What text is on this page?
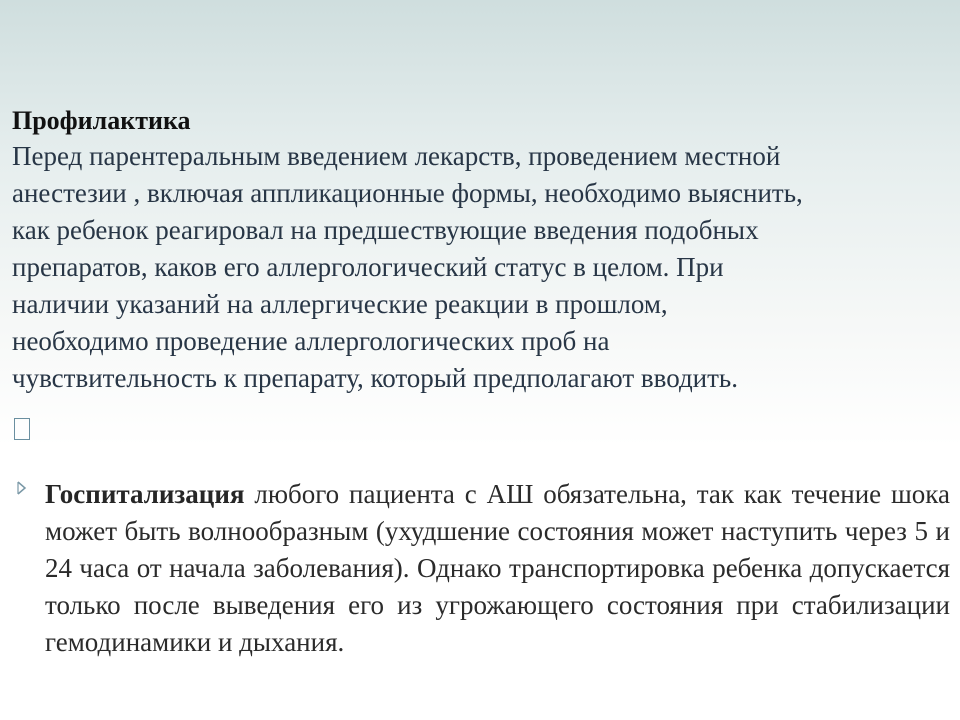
Профилактика

Перед парентеральным введением лекарств, проведением местной
анестезии , включая аппликационные формы, необходимо выяснить,
как ребенок реагировал на предшествующие введения подобных
препаратов, каков его аллергологический статус в целом. При
наличии указаний на аллергические реакции в прошлом,
необходимо проведение аллергологических проб на
чувствительность к препарату, который предполагают вводить.

Госпитализация любого пациента с АШ обязательна, так как течение шока может быть волнообразным (ухудшение состояния может наступить через 5 и 24 часа от начала заболевания). Однако транспортировка ребенка допускается только после выведения его из угрожающего состояния при стабилизации гемодинамики и дыхания.
